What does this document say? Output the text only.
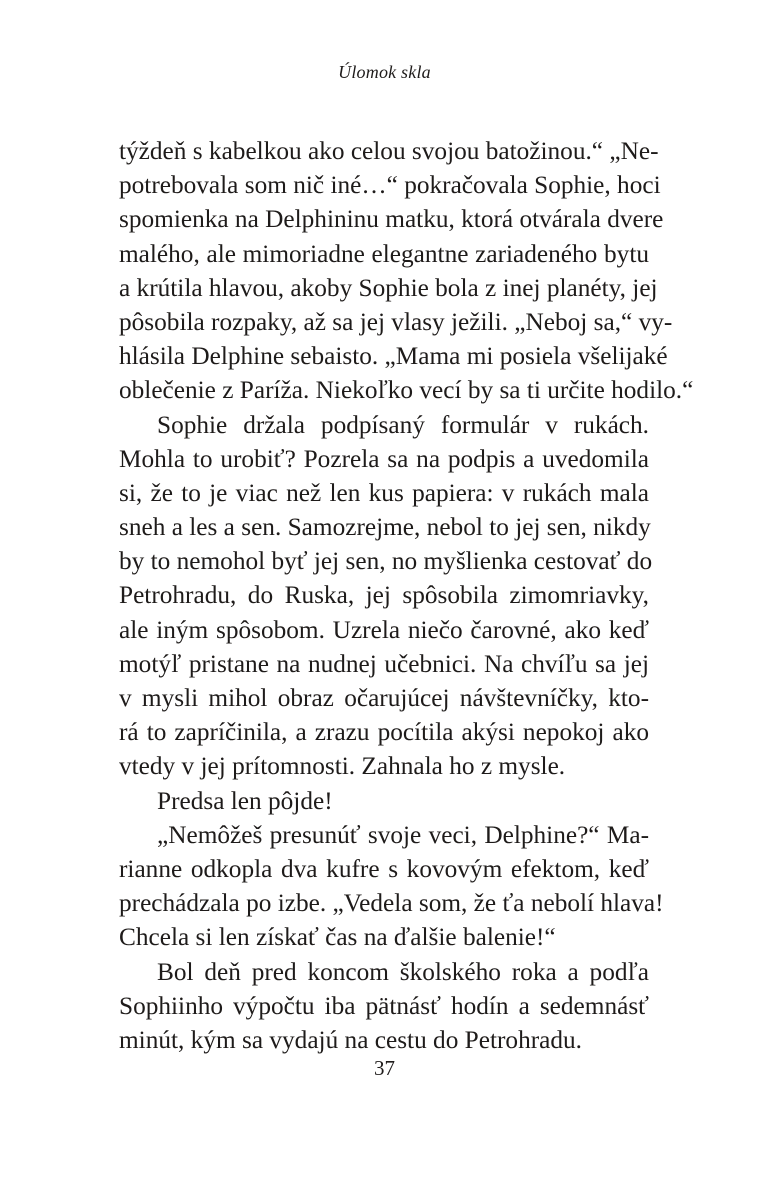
Úlomok skla
týždeň s kabelkou ako celou svojou batožinou.“ „Ne-
potrebovala som nič iné…“ pokračovala Sophie, hoci
spomienka na Delphininu matku, ktorá otvárala dvere
malého, ale mimoriadne elegantne zariadeného bytu
a krútila hlavou, akoby Sophie bola z inej planéty, jej
pôsobila rozpaky, až sa jej vlasy ježili. „Neboj sa,“ vy-
hlásila Delphine sebaisto. „Mama mi posiela všelijaké
oblečenie z Paríža. Niekoľko vecí by sa ti určite hodilo.“
Sophie držala podpísaný formulár v rukách.
Mohla to urobiť? Pozrela sa na podpis a uvedomila
si, že to je viac než len kus papiera: v rukách mala
sneh a les a sen. Samozrejme, nebol to jej sen, nikdy
by to nemohol byť jej sen, no myšlienka cestovať do
Petrohradu, do Ruska, jej spôsobila zimomriavky,
ale iným spôsobom. Uzrela niečo čarovné, ako keď
motýľ pristane na nudnej učebnici. Na chvíľu sa jej
v mysli mihol obraz očarujúcej návštevníčky, kto-
rá to zapríčinila, a zrazu pocítila akýsi nepokoj ako
vtedy v jej prítomnosti. Zahnala ho z mysle.
Predsa len pôjde!
„Nemôžeš presunúť svoje veci, Delphine?“ Ma-
rianne odkopla dva kufre s kovovým efektom, keď
prechádzala po izbe. „Vedela som, že ťa nebolí hlava!
Chcela si len získať čas na ďalšie balenie!“
Bol deň pred koncom školského roka a podľa
Sophiinho výpočtu iba pätnásť hodín a sedemnásť
minút, kým sa vydajú na cestu do Petrohradu.
37
